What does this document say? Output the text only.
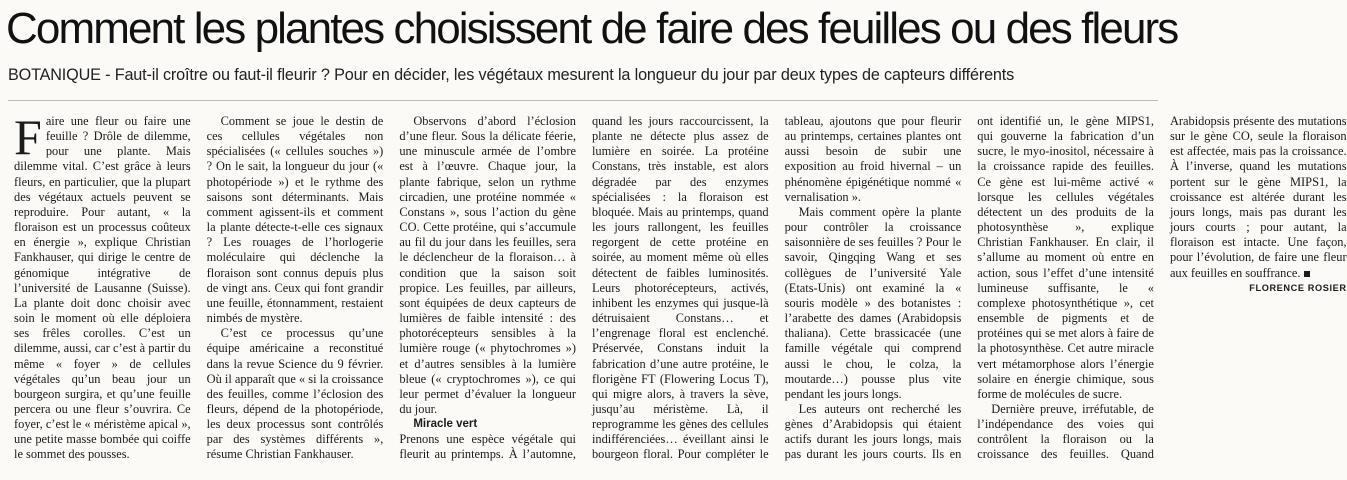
Comment les plantes choisissent de faire des feuilles ou des fleurs
BOTANIQUE - Faut-il croître ou faut-il fleurir ? Pour en décider, les végétaux mesurent la longueur du jour par deux types de capteurs différents

Faire une fleur ou faire une feuille ? Drôle de dilemme, pour une plante. Mais dilemme vital. C’est grâce à leurs fleurs, en particulier, que la plupart des végétaux actuels peuvent se reproduire. Pour autant, « la floraison est un processus coûteux en énergie », explique Christian Fankhauser, qui dirige le centre de génomique intégrative de l’université de Lausanne (Suisse). La plante doit donc choisir avec soin le moment où elle déploiera ses frêles corolles. C’est un dilemme, aussi, car c’est à partir du même « foyer » de cellules végétales qu’un beau jour un bourgeon surgira, et qu’une feuille percera ou une fleur s’ouvrira. Ce foyer, c’est le « méristème apical », une petite masse bombée qui coiffe le sommet des pousses.

Comment se joue le destin de ces cellules végétales non spécialisées (« cellules souches ») ? On le sait, la longueur du jour (« photopériode ») et le rythme des saisons sont déterminants. Mais comment agissent-ils et comment la plante détecte-t-elle ces signaux ? Les rouages de l’horlogerie moléculaire qui déclenche la floraison sont connus depuis plus de vingt ans. Ceux qui font grandir une feuille, étonnamment, restaient nimbés de mystère.

C’est ce processus qu’une équipe américaine a reconstitué dans la revue Science du 9 février. Où il apparaît que « si la croissance des feuilles, comme l’éclosion des fleurs, dépend de la photopériode, les deux processus sont contrôlés par des systèmes différents », résume Christian Fankhauser.

Observons d’abord l’éclosion d’une fleur. Sous la délicate féerie, une minuscule armée de l’ombre est à l’œuvre. Chaque jour, la plante fabrique, selon un rythme circadien, une protéine nommée « Constans », sous l’action du gène CO. Cette protéine, qui s’accumule au fil du jour dans les feuilles, sera le déclencheur de la floraison… à condition que la saison soit propice. Les feuilles, par ailleurs, sont équipées de deux capteurs de lumières de faible intensité : des photorécepteurs sensibles à la lumière rouge (« phytochromes ») et d’autres sensibles à la lumière bleue (« cryptochromes »), ce qui leur permet d’évaluer la longueur du jour.

Miracle vert

Prenons une espèce végétale qui fleurit au printemps. À l’automne, quand les jours raccourcissent, la plante ne détecte plus assez de lumière en soirée. La protéine Constans, très instable, est alors dégradée par des enzymes spécialisées : la floraison est bloquée. Mais au printemps, quand les jours rallongent, les feuilles regorgent de cette protéine en soirée, au moment même où elles détectent de faibles luminosités. Leurs photorécepteurs, activés, inhibent les enzymes qui jusque-là détruisaient Constans… et l’engrenage floral est enclenché. Préservée, Constans induit la fabrication d’une autre protéine, le florigène FT (Flowering Locus T), qui migre alors, à travers la sève, jusqu’au méristème. Là, il reprogramme les gènes des cellules indifférenciées… éveillant ainsi le bourgeon floral. Pour compléter le tableau, ajoutons que pour fleurir au printemps, certaines plantes ont aussi besoin de subir une exposition au froid hivernal – un phénomène épigénétique nommé « vernalisation ».

Mais comment opère la plante pour contrôler la croissance saisonnière de ses feuilles ? Pour le savoir, Qingqing Wang et ses collègues de l’université Yale (Etats-Unis) ont examiné la « souris modèle » des botanistes : l’arabette des dames (Arabidopsis thaliana). Cette brassicacée (une famille végétale qui comprend aussi le chou, le colza, la moutarde…) pousse plus vite pendant les jours longs.

Les auteurs ont recherché les gènes d’Arabidopsis qui étaient actifs durant les jours longs, mais pas durant les jours courts. Ils en ont identifié un, le gène MIPS1, qui gouverne la fabrication d’un sucre, le myo-inositol, nécessaire à la croissance rapide des feuilles. Ce gène est lui-même activé « lorsque les cellules végétales détectent un des produits de la photosynthèse », explique Christian Fankhauser. En clair, il s’allume au moment où entre en action, sous l’effet d’une intensité lumineuse suffisante, le « complexe photosynthétique », cet ensemble de pigments et de protéines qui se met alors à faire de la photosynthèse. Cet autre miracle vert métamorphose alors l’énergie solaire en énergie chimique, sous forme de molécules de sucre.

Dernière preuve, irréfutable, de l’indépendance des voies qui contrôlent la floraison ou la croissance des feuilles. Quand Arabidopsis présente des mutations sur le gène CO, seule la floraison est affectée, mais pas la croissance. À l’inverse, quand les mutations portent sur le gène MIPS1, la croissance est altérée durant les jours longs, mais pas durant les jours courts ; pour autant, la floraison est intacte. Une façon, pour l’évolution, de faire une fleur aux feuilles en souffrance.

FLORENCE ROSIER
